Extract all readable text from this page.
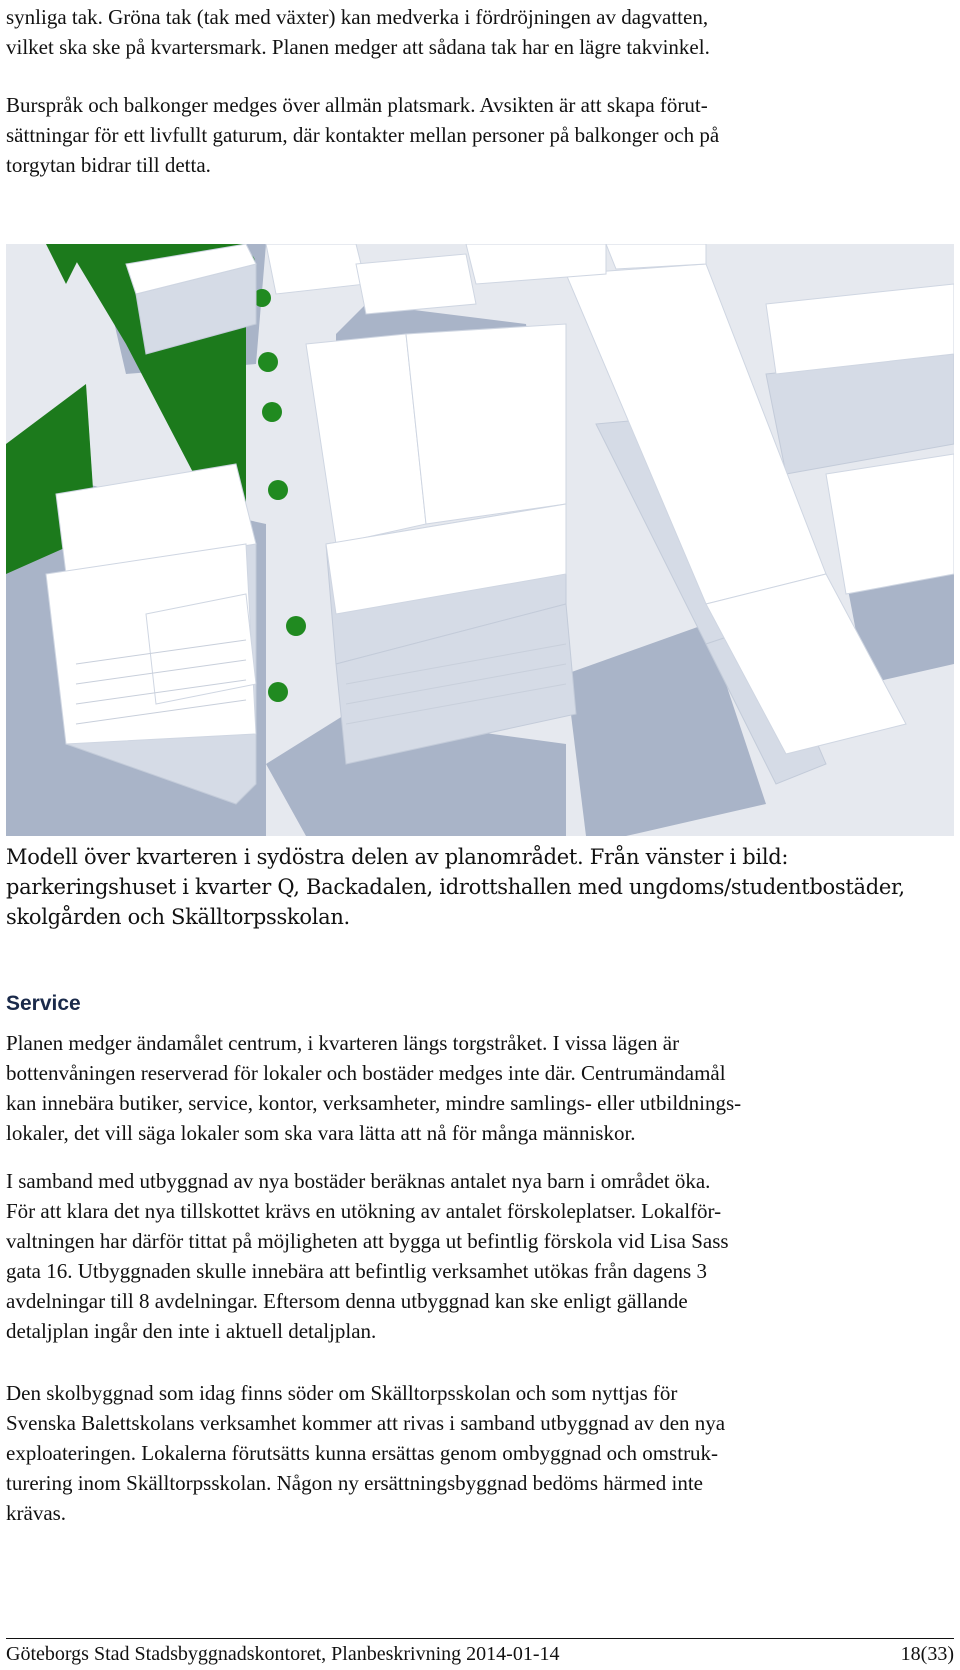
synliga tak. Gröna tak (tak med växter) kan medverka i fördröjningen av dagvatten,
vilket ska ske på kvartersmark. Planen medger att sådana tak har en lägre takvinkel.
Burspråk och balkonger medges över allmän platsmark. Avsikten är att skapa förut-
sättningar för ett livfullt gaturum, där kontakter mellan personer på balkonger och på
torgytan bidrar till detta.
Modell över kvarteren i sydöstra delen av planområdet. Från vänster i bild:
parkeringshuset i kvarter Q, Backadalen, idrottshallen med ungdoms/studentbostäder,
skolgården och Skälltorpsskolan.
Service
Planen medger ändamålet centrum, i kvarteren längs torgstråket. I vissa lägen är
bottenvåningen reserverad för lokaler och bostäder medges inte där. Centrumändamål
kan innebära butiker, service, kontor, verksamheter, mindre samlings- eller utbildnings-
lokaler, det vill säga lokaler som ska vara lätta att nå för många människor.
I samband med utbyggnad av nya bostäder beräknas antalet nya barn i området öka.
För att klara det nya tillskottet krävs en utökning av antalet förskoleplatser. Lokalför-
valtningen har därför tittat på möjligheten att bygga ut befintlig förskola vid Lisa Sass
gata 16. Utbyggnaden skulle innebära att befintlig verksamhet utökas från dagens 3
avdelningar till 8 avdelningar. Eftersom denna utbyggnad kan ske enligt gällande
detaljplan ingår den inte i aktuell detaljplan.
Den skolbyggnad som idag finns söder om Skälltorpsskolan och som nyttjas för
Svenska Balettskolans verksamhet kommer att rivas i samband utbyggnad av den nya
exploateringen. Lokalerna förutsätts kunna ersättas genom ombyggnad och omstruk-
turering inom Skälltorpsskolan. Någon ny ersättningsbyggnad bedöms härmed inte
krävas.
Göteborgs Stad Stadsbyggnadskontoret, Planbeskrivning 2014-01-14	18(33)
